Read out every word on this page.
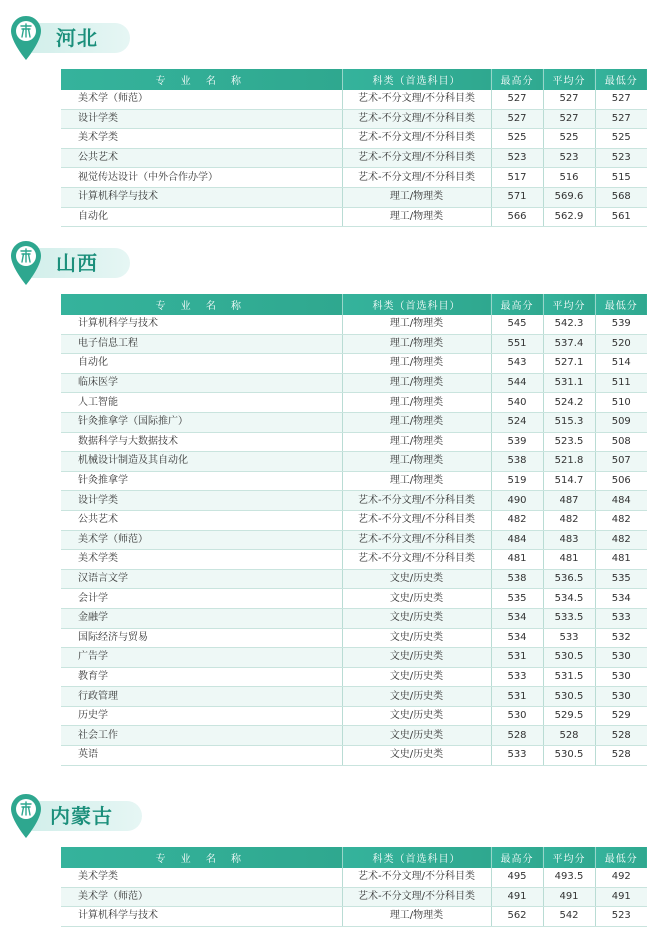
河北
专 业 名 称	科类（首选科目）	最高分	平均分	最低分
美术学（师范）	艺术-不分文理/不分科目类	527	527	527
设计学类	艺术-不分文理/不分科目类	527	527	527
美术学类	艺术-不分文理/不分科目类	525	525	525
公共艺术	艺术-不分文理/不分科目类	523	523	523
视觉传达设计（中外合作办学）	艺术-不分文理/不分科目类	517	516	515
计算机科学与技术	理工/物理类	571	569.6	568
自动化	理工/物理类	566	562.9	561
山西
专 业 名 称	科类（首选科目）	最高分	平均分	最低分
计算机科学与技术	理工/物理类	545	542.3	539
电子信息工程	理工/物理类	551	537.4	520
自动化	理工/物理类	543	527.1	514
临床医学	理工/物理类	544	531.1	511
人工智能	理工/物理类	540	524.2	510
针灸推拿学（国际推广）	理工/物理类	524	515.3	509
数据科学与大数据技术	理工/物理类	539	523.5	508
机械设计制造及其自动化	理工/物理类	538	521.8	507
针灸推拿学	理工/物理类	519	514.7	506
设计学类	艺术-不分文理/不分科目类	490	487	484
公共艺术	艺术-不分文理/不分科目类	482	482	482
美术学（师范）	艺术-不分文理/不分科目类	484	483	482
美术学类	艺术-不分文理/不分科目类	481	481	481
汉语言文学	文史/历史类	538	536.5	535
会计学	文史/历史类	535	534.5	534
金融学	文史/历史类	534	533.5	533
国际经济与贸易	文史/历史类	534	533	532
广告学	文史/历史类	531	530.5	530
教育学	文史/历史类	533	531.5	530
行政管理	文史/历史类	531	530.5	530
历史学	文史/历史类	530	529.5	529
社会工作	文史/历史类	528	528	528
英语	文史/历史类	533	530.5	528
内蒙古
专 业 名 称	科类（首选科目）	最高分	平均分	最低分
美术学类	艺术-不分文理/不分科目类	495	493.5	492
美术学（师范）	艺术-不分文理/不分科目类	491	491	491
计算机科学与技术	理工/物理类	562	542	523
